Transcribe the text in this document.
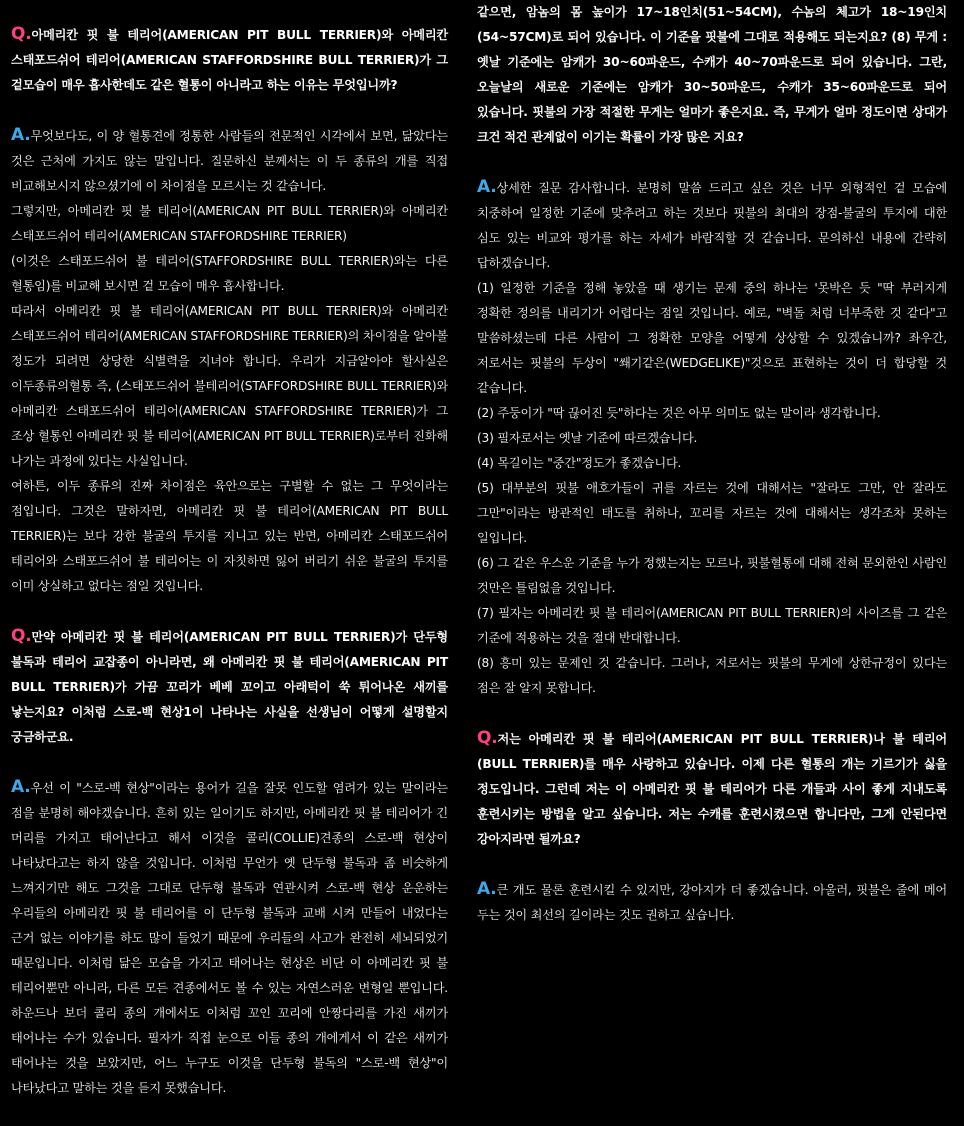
Q.아메리칸 핏 불 테리어(AMERICAN PIT BULL TERRIER)와 아메리칸 스태포드쉬어 테리어(AMERICAN STAFFORDSHIRE BULL TERRIER)가 그 겉모습이 매우 흡사한데도 같은 혈통이 아니라고 하는 이유는 무엇입니까?

A.무엇보다도, 이 양 혈통견에 정통한 사람들의 전문적인 시각에서 보면, 닮았다는 것은 근처에 가지도 않는 말입니다. 질문하신 분께서는 이 두 종류의 개를 직접 비교해보시지 않으셨기에 이 차이점을 모르시는 것 같습니다.

그렇지만, 아메리칸 핏 불 테리어(AMERICAN PIT BULL TERRIER)와 아메리칸 스태포드쉬어 테리어(AMERICAN STAFFORDSHIRE TERRIER)

(이것은 스태포드쉬어 불 테리어(STAFFORDSHIRE BULL TERRIER)와는 다른 혈통임)를 비교해 보시면 겉 모습이 매우 흡사합니다.

따라서 아메리칸 핏 불 테리어(AMERICAN PIT BULL TERRIER)와 아메리칸 스태포드쉬어 테리어(AMERICAN STAFFORDSHIRE TERRIER)의 차이점을 알아볼 정도가 되려면 상당한 식별력을 지녀야 합니다. 우리가 지금알아야 할사실은 이두종류의혈통 즉, (스태포드쉬어 불테리어(STAFFORDSHIRE BULL TERRIER)와 아메리칸 스태포드쉬어 테리어(AMERICAN STAFFORDSHIRE TERRIER)가 그 조상 혈통인 아메리칸 핏 불 테리어(AMERICAN PIT BULL TERRIER)로부터 진화해 나가는 과정에 있다는 사실입니다.

여하튼, 이두 종류의 진짜 차이점은 육안으로는 구별할 수 없는 그 무엇이라는 점입니다. 그것은 말하자면, 아메리칸 핏 불 테리어(AMERICAN PIT BULL TERRIER)는 보다 강한 불굴의 투지를 지니고 있는 반면, 아메리칸 스태포드쉬어 테리어와 스태포드쉬어 불 테리어는 이 자칫하면 잃어 버리기 쉬운 불굴의 투지를 이미 상실하고 없다는 점일 것입니다.

Q.만약 아메리칸 핏 불 테리어(AMERICAN PIT BULL TERRIER)가 단두형 불독과 테리어 교잡종이 아니라면, 왜 아메리칸 핏 불 테리어(AMERICAN PIT BULL TERRIER)가 가끔 꼬리가 베베 꼬이고 아래턱이 쑥 튀어나온 새끼를 낳는지요? 이처럼 스로-백 현상1이 나타나는 사실을 선생님이 어떻게 설명할지 궁금하군요.

A.우선 이 "스로-백 현상"이라는 용어가 길을 잘못 인도할 염려가 있는 말이라는 점을 분명히 해야겠습니다. 흔히 있는 일이기도 하지만, 아메리칸 핏 불 테리어가 긴 머리를 가지고 태어난다고 해서 이것을 콜리(COLLIE)견종의 스로-백 현상이 나타났다고는 하지 않을 것입니다. 이처럼 무언가 옛 단두형 불독과 좀 비슷하게 느껴지기만 해도 그것을 그대로 단두형 불독과 연관시켜 스로-백 현상 운운하는 우리들의 아메리칸 핏 불 테리어를 이 단두형 불독과 교배 시켜 만들어 내었다는 근거 없는 이야기를 하도 많이 들었기 때문에 우리들의 사고가 완전히 세뇌되었기 때문입니다. 이처럼 닮은 모습을 가지고 태어나는 현상은 비단 이 아메리칸 핏 불 테리어뿐만 아니라, 다른 모든 견종에서도 볼 수 있는 자연스러운 변형일 뿐입니다. 하운드나 보더 콜리 종의 개에서도 이처럼 꼬인 꼬리에 안짱다리를 가진 새끼가 태어나는 수가 있습니다. 필자가 직접 눈으로 이들 종의 개에게서 이 같은 새끼가 태어나는 것을 보았지만, 어느 누구도 이것을 단두형 불독의 "스로-백 현상"이 나타났다고 말하는 것을 듣지 못했습니다.

같으면, 암놈의 몸 높이가 17~18인치(51~54CM), 수놈의 체고가 18~19인치(54~57CM)로 되어 있습니다. 이 기준을 핏불에 그대로 적용해도 되는지요? (8) 무게 : 옛날 기준에는 암캐가 30~60파운드, 수캐가 40~70파운드로 되어 있습니다. 그란, 오늘날의 새로운 기준에는 암캐가 30~50파운드, 수캐가 35~60파운드로 되어 있습니다. 핏불의 가장 적절한 무게는 얼마가 좋은지요. 즉, 무게가 얼마 정도이면 상대가 크건 적건 관계없이 이기는 확률이 가장 많은 지요?

A.상세한 질문 감사합니다. 분명히 말씀 드리고 싶은 것은 너무 외형적인 겉 모습에 치중하여 일정한 기준에 맞추려고 하는 것보다 핏불의 최대의 장점-불굴의 투지에 대한 심도 있는 비교와 평가를 하는 자세가 바람직할 것 같습니다. 문의하신 내용에 간략히 답하겠습니다.

(1) 일정한 기준을 정해 놓았을 때 생기는 문제 중의 하나는 '못박은 듯 "딱 부러지게 정확한 정의를 내리기가 어렵다는 점일 것입니다. 예로, "벽돌 처럼 너부죽한 것 같다"고 말씀하셨는데 다른 사람이 그 정확한 모양을 어떻게 상상할 수 있겠습니까? 좌우간, 저로서는 핏불의 두상이 "쐐기같은(WEDGELIKE)"것으로 표현하는 것이 더 합당할 것 같습니다.

(2) 주둥이가 "딱 끊어진 듯"하다는 것은 아무 의미도 없는 말이라 생각합니다.

(3) 필자로서는 옛날 기준에 따르겠습니다.

(4) 목길이는 "중간"정도가 좋겠습니다.

(5) 대부분의 핏불 애호가들이 귀를 자르는 것에 대해서는 "잘라도 그만, 안 잘라도 그만"이라는 방관적인 태도를 취하나, 꼬리를 자르는 것에 대해서는 생각조차 못하는 일입니다.

(6) 그 같은 우스운 기준을 누가 정했는지는 모르나, 핏불혈통에 대해 전혀 문외한인 사람인 것만은 틀림없을 것입니다.

(7) 필자는 아메리칸 핏 불 테리어(AMERICAN PIT BULL TERRIER)의 사이즈를 그 같은 기준에 적용하는 것을 절대 반대합니다.

(8) 흥미 있는 문제인 것 같습니다. 그러나, 저로서는 핏불의 무게에 상한규정이 있다는 점은 잘 알지 못합니다.

Q.저는 아메리칸 핏 불 테리어(AMERICAN PIT BULL TERRIER)나 불 테리어(BULL TERRIER)를 매우 사랑하고 있습니다. 이제 다른 혈통의 개는 기르기가 싫을 정도입니다. 그런데 저는 이 아메리칸 핏 불 테리어가 다른 개들과 사이 좋게 지내도록 훈련시키는 방법을 알고 싶습니다. 저는 수캐를 훈련시켰으면 합니다만, 그게 안된다면 강아지라면 될까요?

A.큰 개도 물론 훈련시킬 수 있지만, 강아지가 더 좋겠습니다. 아울러, 핏불은 줄에 메어 두는 것이 최선의 길이라는 것도 권하고 싶습니다.
